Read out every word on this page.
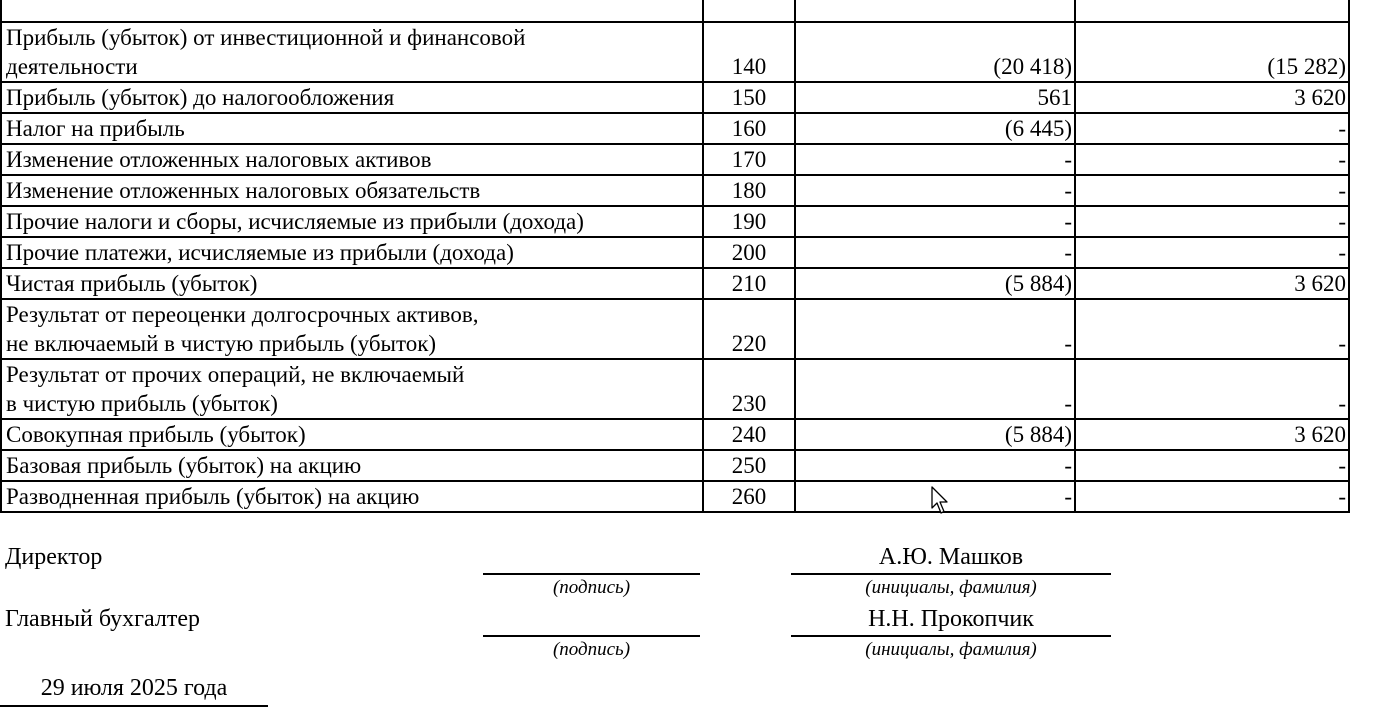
Прибыль (убыток) от инвестиционной и финансовой
деятельности	140	(20 418)	(15 282)
Прибыль (убыток) до налогообложения	150	561	3 620
Налог на прибыль	160	(6 445)	-
Изменение отложенных налоговых активов	170	-	-
Изменение отложенных налоговых обязательств	180	-	-
Прочие налоги и сборы, исчисляемые из прибыли (дохода)	190	-	-
Прочие платежи, исчисляемые из прибыли (дохода)	200	-	-
Чистая прибыль (убыток)	210	(5 884)	3 620

Результат от переоценки долгосрочных активов,
не включаемый в чистую прибыль (убыток)	220	-	-

Результат от прочих операций, не включаемый
в чистую прибыль (убыток)	230	-	-
Совокупная прибыль (убыток)	240	(5 884)	3 620
Базовая прибыль (убыток) на акцию	250	-	-
Разводненная прибыль (убыток) на акцию	260	-	-
Директор
(подпись)
А.Ю. Машков
(инициалы, фамилия)
Главный бухгалтер
(подпись)
Н.Н. Прокопчик
(инициалы, фамилия)
29 июля 2025 года
